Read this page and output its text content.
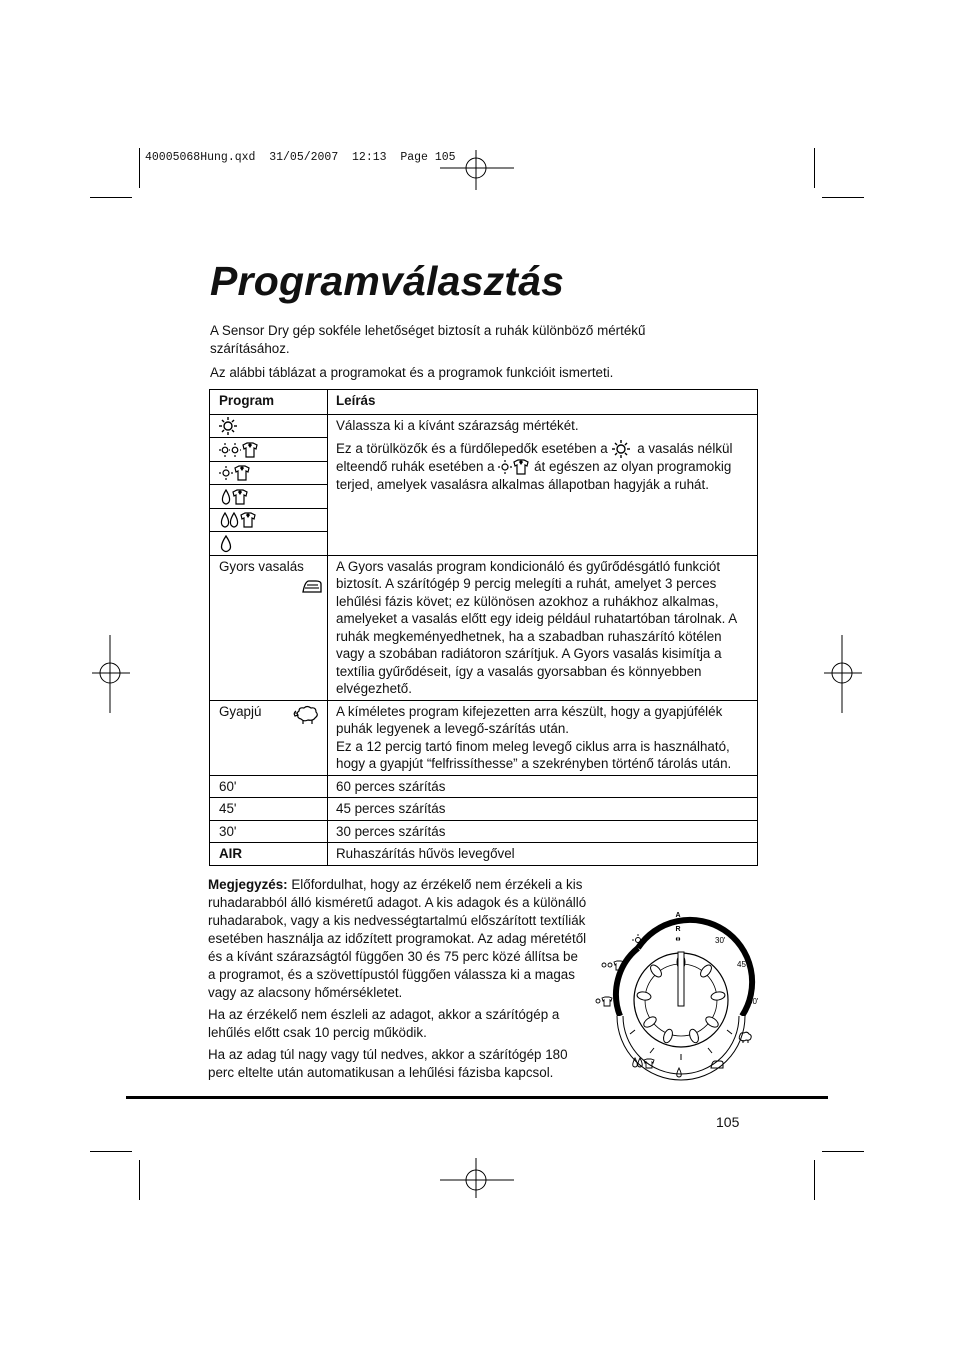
40005068Hung.qxd  31/05/2007  12:13  Page 105
Programválasztás

A Sensor Dry gép sokféle lehetőséget biztosít a ruhák különböző mértékű szárításához.

Az alábbi táblázat a programokat és a programok funkcióit ismerteti.

Program	Leírás

Válassza ki a kívánt szárazság mértékét.
Ez a törülközők és a fürdőlepedők esetében a a vasalás nélkül elteendő ruhák esetében a át egészen az olyan programokig terjed, amelyek vasalásra alkalmas állapotban hagyják a ruhát.

Gyors vasalás	A Gyors vasalás program kondicionáló és gyűrődésgátló funkciót biztosít. A szárítógép 9 percig melegíti a ruhát, amelyet 3 perces lehűlési fázis követ; ez különösen azokhoz a ruhákhoz alkalmas, amelyeket a vasalás előtt egy ideig például ruhatartóban tárolnak. A ruhák megkeményedhetnek, ha a szabadban ruhaszárító kötélen vagy a szobában radiátoron szárítjuk. A Gyors vasalás kisimítja a textília gyűrődéseit, így a vasalás gyorsabban és könnyebben elvégezhető.
Gyapjú	A kíméletes program kifejezetten arra készült, hogy a gyapjúfélék puhák legyenek a levegő-szárítás után.
Ez a 12 percig tartó finom meleg levegő ciklus arra is használható, hogy a gyapjút “felfrissíthesse” a szekrényben történő tárolás után.

60'	60 perces szárítás
45'	45 perces szárítás
30'	30 perces szárítás
AIR	Ruhaszárítás hűvös levegővel

Megjegyzés: Előfordulhat, hogy az érzékelő nem érzékeli a kis ruhadarabból álló kisméretű adagot. A kis adagok és a különálló ruhadarabok, vagy a kis nedvességtartalmú előszárított textíliák esetében használja az időzített programokat. Az adag méretétől és a kívánt szárazságtól függően 30 és 75 perc közé állítsa be a programot, és a szövettípustól függően válassza ki a magas vagy az alacsony hőmérsékletet.

Ha az érzékelő nem észleli az adagot, akkor a szárítógép a lehűlés előtt csak 10 percig működik.

Ha az adag túl nagy vagy túl nedves, akkor a szárítógép 180 perc eltelte után automatikusan a lehűlési fázisba kapcsol.

A
I
R
30'
45'
60'
105
